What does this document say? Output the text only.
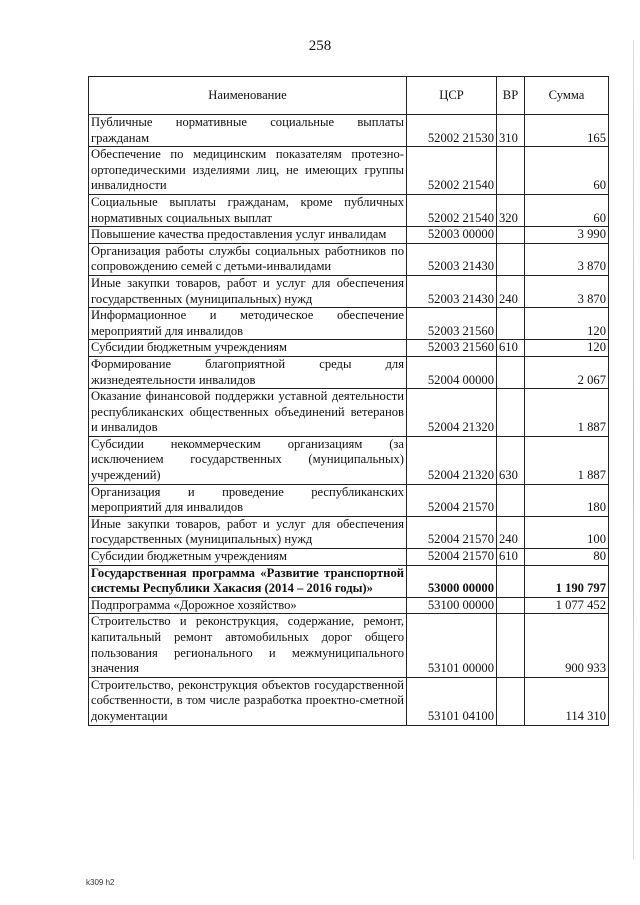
258
Наименование	ЦСР	ВР	Сумма
Публичные нормативные социальные выплаты гражданам	52002 21530	310	165
Обеспечение по медицинским показателям протезно-ортопедическими изделиями лиц, не имеющих группы инвалидности	52002 21540		60
Социальные выплаты гражданам, кроме публичных нормативных социальных выплат	52002 21540	320	60
Повышение качества предоставления услуг инвалидам	52003 00000		3 990
Организация работы службы социальных работников по сопровождению семей с детьми-инвалидами	52003 21430		3 870
Иные закупки товаров, работ и услуг для обеспечения государственных (муниципальных) нужд	52003 21430	240	3 870
Информационное и методическое обеспечение мероприятий для инвалидов	52003 21560		120
Субсидии бюджетным учреждениям	52003 21560	610	120
Формирование благоприятной среды для жизнедеятельности инвалидов	52004 00000		2 067
Оказание финансовой поддержки уставной деятельности республиканских общественных объединений ветеранов и инвалидов	52004 21320		1 887
Субсидии некоммерческим организациям (за исключением государственных (муниципальных) учреждений)	52004 21320	630	1 887
Организация и проведение республиканских мероприятий для инвалидов	52004 21570		180
Иные закупки товаров, работ и услуг для обеспечения государственных (муниципальных) нужд	52004 21570	240	100
Субсидии бюджетным учреждениям	52004 21570	610	80
Государственная программа «Развитие транспортной системы Республики Хакасия (2014 – 2016 годы)»	53000 00000		1 190 797
Подпрограмма «Дорожное хозяйство»	53100 00000		1 077 452
Строительство и реконструкция, содержание, ремонт, капитальный ремонт автомобильных дорог общего пользования регионального и межмуниципального значения	53101 00000		900 933
Строительство, реконструкция объектов государственной собственности, в том числе разработка проектно-сметной документации	53101 04100		114 310
k309 h2
